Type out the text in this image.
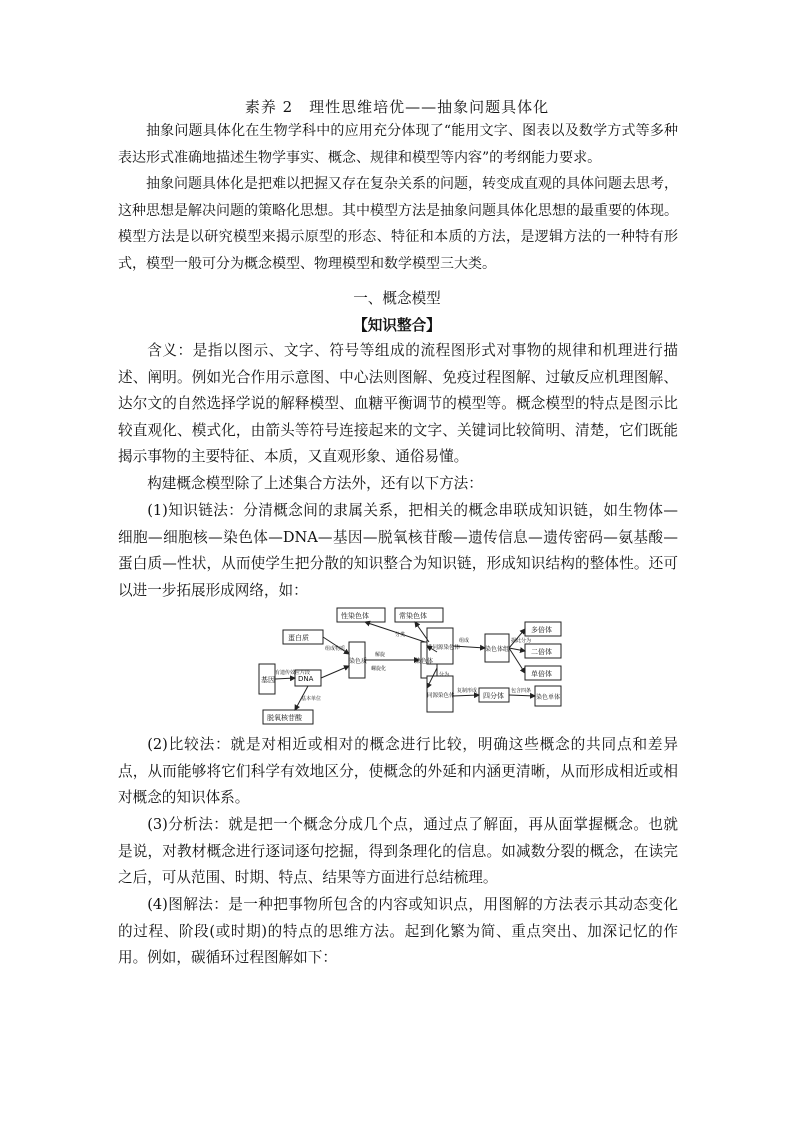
素养 2　理性思维培优——抽象问题具体化

抽象问题具体化在生物学科中的应用充分体现了“能用文字、图表以及数学方式等多种表达形式准确地描述生物学事实、概念、规律和模型等内容”的考纲能力要求。

抽象问题具体化是把难以把握又存在复杂关系的问题，转变成直观的具体问题去思考，这种思想是解决问题的策略化思想。其中模型方法是抽象问题具体化思想的最重要的体现。模型方法是以研究模型来揭示原型的形态、特征和本质的方法，是逻辑方法的一种特有形式，模型一般可分为概念模型、物理模型和数学模型三大类。

一、概念模型
【知识整合】

含义：是指以图示、文字、符号等组成的流程图形式对事物的规律和机理进行描述、阐明。例如光合作用示意图、中心法则图解、免疫过程图解、过敏反应机理图解、达尔文的自然选择学说的解释模型、血糖平衡调节的模型等。概念模型的特点是图示比较直观化、模式化，由箭头等符号连接起来的文字、关键词比较简明、清楚，它们既能揭示事物的主要特征、本质，又直观形象、通俗易懂。

构建概念模型除了上述集合方法外，还有以下方法：

(1)知识链法：分清概念间的隶属关系，把相关的概念串联成知识链，如生物体—细胞—细胞核—染色体—DNA—基因—脱氧核苷酸—遗传信息—遗传密码—氨基酸—蛋白质—性状，从而使学生把分散的知识整合为知识链，形成知识结构的整体性。还可以进一步拓展形成网络，如：

性染色体	常染色体
蛋白质
基因	DNA
染色质	染色体
非同源染色体
同源染色体
染色体组
多倍体
二倍体
单倍体
四分体	染色单体
脱氧核苷酸
组成物质
有遗传效应片段
基本单位
解旋
螺旋化
分类
分为
组成	据此分为
复制形成	包含四条

(2)比较法：就是对相近或相对的概念进行比较，明确这些概念的共同点和差异点，从而能够将它们科学有效地区分，使概念的外延和内涵更清晰，从而形成相近或相对概念的知识体系。

(3)分析法：就是把一个概念分成几个点，通过点了解面，再从面掌握概念。也就是说，对教材概念进行逐词逐句挖掘，得到条理化的信息。如减数分裂的概念，在读完之后，可从范围、时期、特点、结果等方面进行总结梳理。

(4)图解法：是一种把事物所包含的内容或知识点，用图解的方法表示其动态变化的过程、阶段(或时期)的特点的思维方法。起到化繁为简、重点突出、加深记忆的作用。例如，碳循环过程图解如下：
